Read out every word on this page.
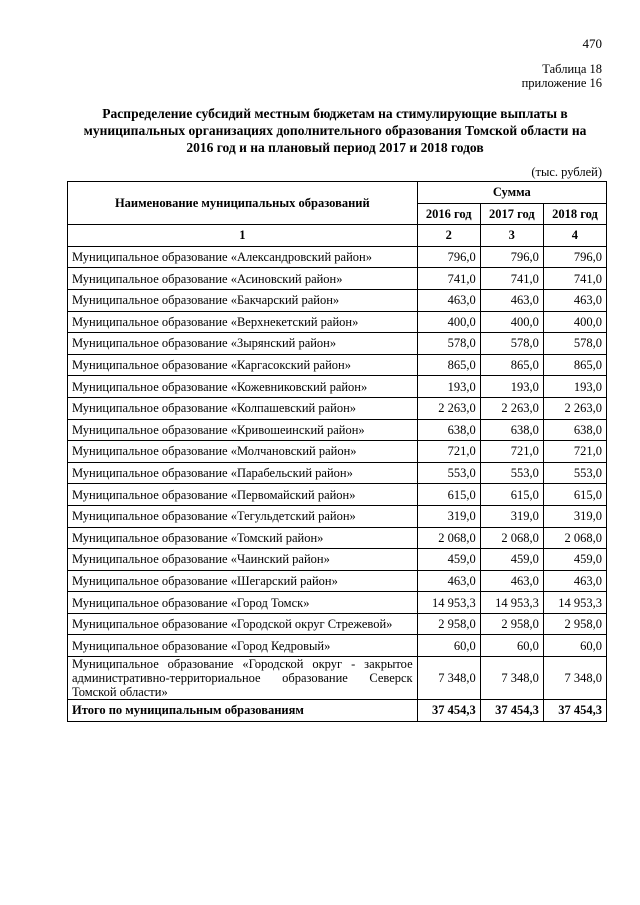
470
Таблица 18
приложение 16
Распределение субсидий местным бюджетам на стимулирующие выплаты в муниципальных организациях дополнительного образования Томской области на 2016 год и на плановый период 2017 и 2018 годов
(тыс. рублей)
Наименование муниципальных образований	Сумма		
	2016 год	2017 год	2018 год
1	2	3	4
Муниципальное образование «Александровский район»	796,0	796,0	796,0
Муниципальное образование «Асиновский район»	741,0	741,0	741,0
Муниципальное образование «Бакчарский район»	463,0	463,0	463,0
Муниципальное образование «Верхнекетский район»	400,0	400,0	400,0
Муниципальное образование «Зырянский район»	578,0	578,0	578,0
Муниципальное образование «Каргасокский район»	865,0	865,0	865,0
Муниципальное образование «Кожевниковский район»	193,0	193,0	193,0
Муниципальное образование «Колпашевский район»	2 263,0	2 263,0	2 263,0
Муниципальное образование «Кривошеинский район»	638,0	638,0	638,0
Муниципальное образование «Молчановский район»	721,0	721,0	721,0
Муниципальное образование «Парабельский район»	553,0	553,0	553,0
Муниципальное образование «Первомайский район»	615,0	615,0	615,0
Муниципальное образование «Тегульдетский район»	319,0	319,0	319,0
Муниципальное образование «Томский район»	2 068,0	2 068,0	2 068,0
Муниципальное образование «Чаинский район»	459,0	459,0	459,0
Муниципальное образование «Шегарский район»	463,0	463,0	463,0
Муниципальное образование «Город Томск»	14 953,3	14 953,3	14 953,3
Муниципальное образование «Городской округ Стрежевой»	2 958,0	2 958,0	2 958,0
Муниципальное образование «Город Кедровый»	60,0	60,0	60,0
Муниципальное образование «Городской округ - закрытое административно-территориальное образование Северск Томской области»	7 348,0	7 348,0	7 348,0
Итого по муниципальным образованиям	37 454,3	37 454,3	37 454,3
